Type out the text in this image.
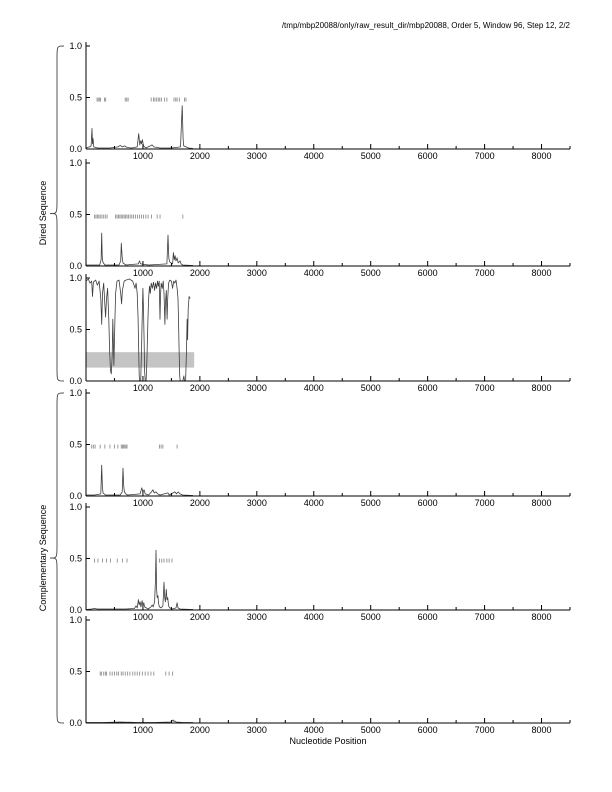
/tmp/mbp20088/only/raw_result_dir/mbp20088, Order 5, Window 96, Step 12, 2/2
0.0
0.5
1.0
1000	2000	3000	4000	5000	6000	7000	8000
0.0
0.5
1.0
1000	2000	3000	4000	5000	6000	7000	8000
0.0
0.5
1.0
1000	2000	3000	4000	5000	6000	7000	8000
0.0
0.5
1.0
1000	2000	3000	4000	5000	6000	7000	8000
0.0
0.5
1.0
1000	2000	3000	4000	5000	6000	7000	8000
0.0
0.5
1.0
1000	2000	3000	4000	5000	6000	7000	8000
Dired Sequence
Complementary Sequence
Nucleotide Position
